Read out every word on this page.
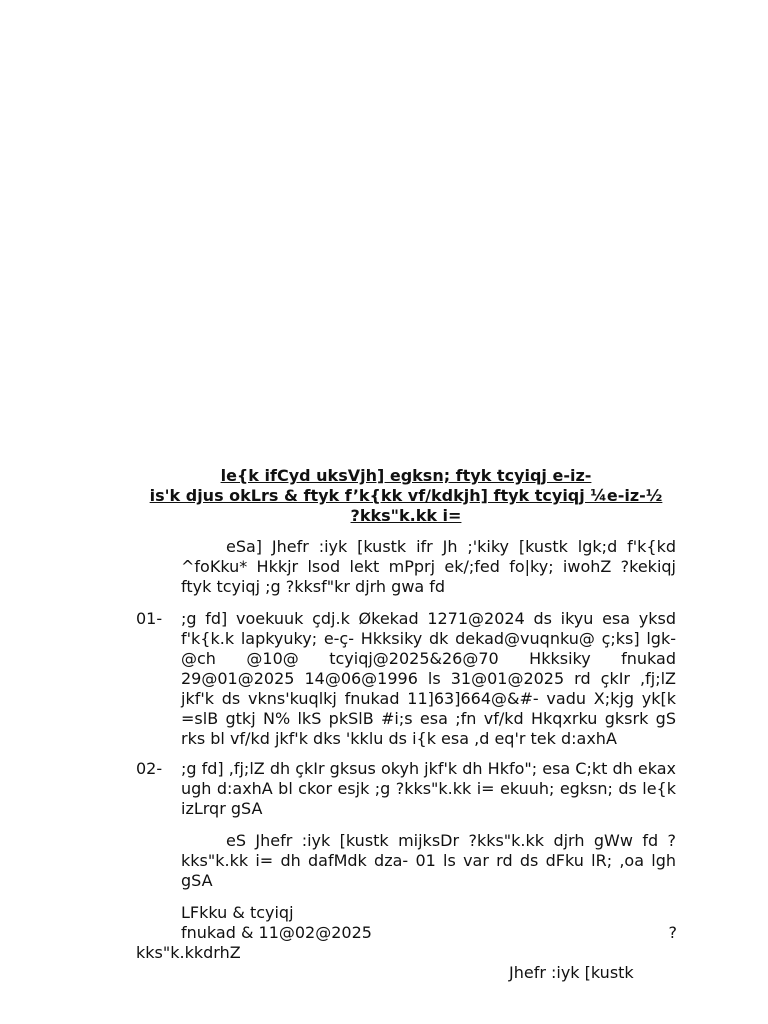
le{k ifCyd uksVjh] egksn; ftyk tcyiqj e-iz-
is'k djus okLrs & ftyk f’k{kk vf/kdkjh] ftyk tcyiqj ¼e-iz-½
?kks"k.kk i=
eSa] Jhefr :iyk [kustk ifr Jh ;'kiky [kustk lgk;d f'k{kd ^foKku* Hkkjr lsod lekt mPprj ek/;fed fo|ky; iwohZ ?kekiqj ftyk tcyiqj ;g ?kksf"kr djrh gwa fd
01-	;g fd] voekuuk çdj.k Økekad 1271@2024 ds ikyu esa yksd f'k{k.k lapkyuky; e-ç- Hkksiky dk dekad@vuqnku@ ç;ks] lgk-@ch @10@ tcyiqj@2025&26@70 Hkksiky fnukad 29@01@2025 14@06@1996 ls 31@01@2025 rd çkIr ,fj;lZ jkf'k ds vkns'kuqlkj fnukad 11]63]664@&#- vadu X;kjg yk[k =slB gtkj N% lkS pkSlB #i;s esa ;fn vf/kd Hkqxrku gksrk gS rks bl vf/kd jkf'k dks 'kklu ds i{k esa ,d eq'r tek d:axhA
02-	;g fd] ,fj;lZ dh çkIr gksus okyh jkf'k dh Hkfo"; esa C;kt dh ekax ugh d:axhA bl ckor esjk ;g ?kks"k.kk i= ekuuh; egksn; ds le{k izLrqr gSA
eS Jhefr :iyk [kustk mijksDr ?kks"k.kk djrh gWw fd ?kks"k.kk i= dh dafMdk dza- 01 ls var rd ds dFku lR; ,oa lgh gSA
LFkku & tcyiqj
fnukad & 11@02@2025	?
kks"k.kkdrhZ
Jhefr :iyk [kustk
